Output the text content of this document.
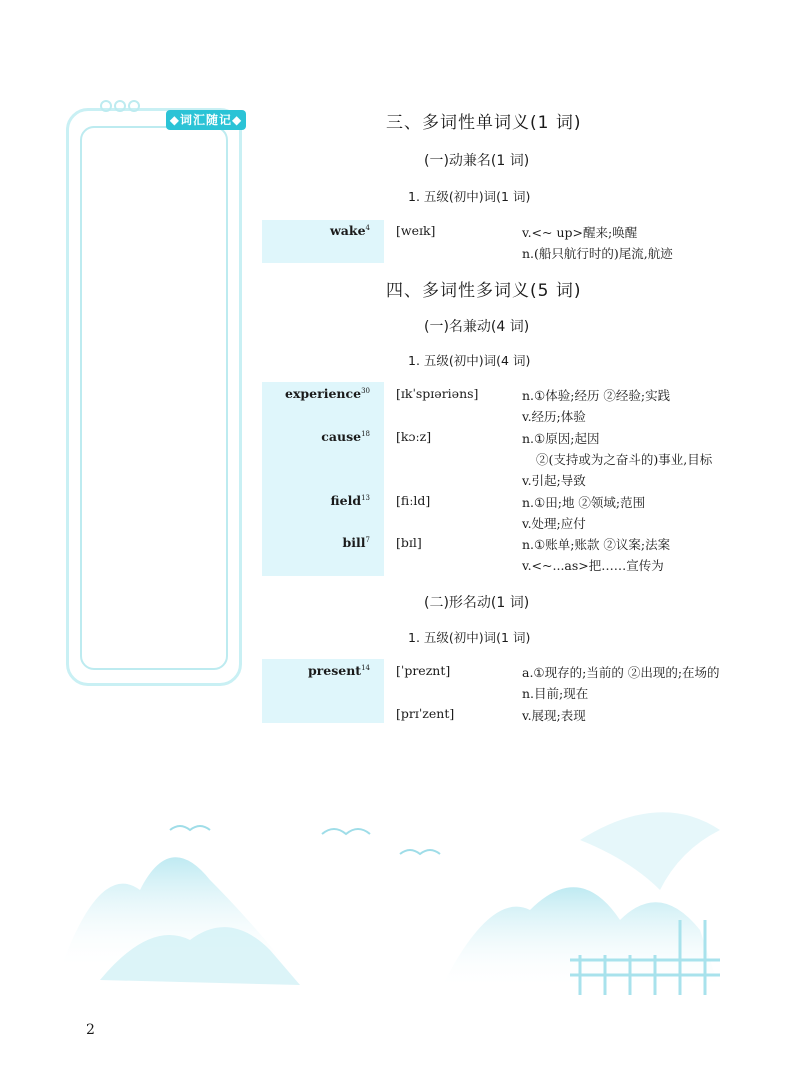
◆词汇随记◆	三、多词性单词义(1 词)
(一)动兼名(1 词)
1. 五级(初中)词(1 词)
wake$^4$ [weɪk]	v.<~ up>醒来;唤醒
n.(船只航行时的)尾流,航迹
四、多词性多词义(5 词)
(一)名兼动(4 词)
1. 五级(初中)词(4 词)
experience$^{30}$ [ɪkˈspɪəriəns]	n.①体验;经历 ②经验;实践
v.经历;体验
cause$^{18}$ [kɔːz]	n.①原因;起因
②(支持或为之奋斗的)事业,目标
v.引起;导致
field$^{13}$ [fiːld]	n.①田;地 ②领域;范围
v.处理;应付
bill$^7$ [bɪl]	n.①账单;账款 ②议案;法案
v.<~...as>把……宣传为
(二)形名动(1 词)
1. 五级(初中)词(1 词)
present$^{14}$ [ˈpreznt]	a.①现存的;当前的 ②出现的;在场的
n.目前;现在
[prɪˈzent]	v.展现;表现
2
